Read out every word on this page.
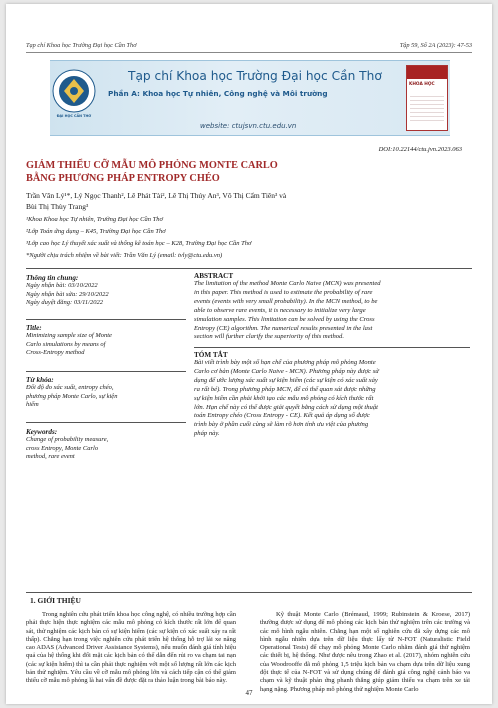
Tạp chí Khoa học Trường Đại học Cần Thơ	Tập 59, Số 2A (2023): 47-53
ĐẠI HỌC CẦN THƠ
Tạp chí Khoa học Trường Đại học Cần Thơ
Phần A: Khoa học Tự nhiên, Công nghệ và Môi trường
website: ctujsvn.ctu.edu.vn
KHOA HỌC
DOI:10.22144/ctu.jvn.2023.063
GIẢM THIỂU CỠ MẪU MÔ PHỎNG MONTE CARLO
BẰNG PHƯƠNG PHÁP ENTROPY CHÉO
Trần Văn Lý¹*, Lý Ngọc Thanh², Lê Phát Tài², Lê Thị Thúy An³, Võ Thị Cẩm Tiên³ và
Bùi Thị Thùy Trang³
¹Khoa Khoa học Tự nhiên, Trường Đại học Cần Thơ
²Lớp Toán ứng dụng – K45, Trường Đại học Cần Thơ
³Lớp cao học Lý thuyết xác suất và thống kê toán học – K28, Trường Đại học Cần Thơ
*Người chịu trách nhiệm về bài viết: Trần Văn Lý (email: tvly@ctu.edu.vn)
Thông tin chung:
Ngày nhận bài: 03/10/2022
Ngày nhận bài sửa: 29/10/2022
Ngày duyệt đăng: 03/11/2022
Title:
Minimizing sample size of Monte
Carlo simulations by means of
Cross-Entropy method
Từ khóa:
Đối độ đo xác suất, entropy chéo,
phương pháp Monte Carlo, sự kiện
hiếm
Keywords:
Change of probability measure,
cross Entropy, Monte Carlo
method, rare event
ABSTRACT
The limitation of the method Monte Carlo Naive (MCN) was presented
in this paper. This method is used to estimate the probability of rare
events (events with very small probability). In the MCN method, to be
able to observe rare events, it is necessary to initialize very large
simulation samples. This limitation can be solved by using the Cross
Entropy (CE) algorithm. The numerical results presented in the last
section will further clarify the superiority of this method.
TÓM TẮT
Bài viết trình bày một số hạn chế của phương pháp mô phỏng Monte
Carlo cơ bản (Monte Carlo Naive - MCN). Phương pháp này được sử
dụng để ước lượng xác suất sự kiện hiếm (các sự kiện có xác suất xảy
ra rất bé). Trong phương pháp MCN, để có thể quan sát được những
sự kiện hiếm cần phải khởi tạo các mẫu mô phỏng có kích thước rất
lớn. Hạn chế này có thể được giải quyết bằng cách sử dụng một thuật
toán Entropy chéo (Cross Entropy - CE). Kết quả áp dụng số được
trình bày ở phần cuối cùng sẽ làm rõ hơn tính ưu việt của phương
pháp này.
1. GIỚI THIỆU
Trong nghiên cứu phát triển khoa học công nghệ, có nhiều trường hợp cần phải thực hiện thực nghiệm các mẫu mô phỏng có kích thước rất lớn để quan sát, thử nghiệm các kịch bản có sự kiện hiếm (các sự kiện có xác suất xảy ra rất thấp). Chẳng hạn trong việc nghiên cứu phát triển hệ thống hỗ trợ lái xe nâng cao ADAS (Advanced Driver Assistance Systems), nếu muốn đánh giá tính hiệu quả của hệ thống khi đối mặt các kịch bản có thể dẫn đến rủi ro va chạm tai nạn (các sự kiện hiếm) thì ta cần phải thực nghiệm với một số lượng rất lớn các kịch bản thử nghiệm. Yêu cầu về cỡ mẫu mô phỏng lớn và cách tiếp cận có thể giảm thiểu cỡ mẫu mô phỏng là hai vấn đề được đặt ra thảo luận trong bài báo này.
Kỹ thuật Monte Carlo (Brémaud, 1999; Rubinstein & Kroese, 2017) thường được sử dụng để mô phỏng các kịch bản thử nghiệm trên các trường và các mô hình ngẫu nhiên. Chẳng hạn một số nghiên cứu đã xây dựng các mô hình ngẫu nhiên dựa trên dữ liệu thực lấy từ N-FOT (Naturalistic Field Operational Tests) để chạy mô phỏng Monte Carlo nhằm đánh giá thử nghiệm các thiết bị, hệ thống. Như được nêu trong Zhao et al. (2017), nhóm nghiên cứu của Woodrooffe đã mô phỏng 1,5 triệu kịch bản va chạm dựa trên dữ liệu xung đột thực tế của N-FOT và sử dụng chúng để đánh giá công nghệ cảnh báo va chạm và kỹ thuật phản ứng phanh thắng giúp giảm thiểu va chạm trên xe tải hạng nặng. Phương pháp mô phỏng thử nghiệm Monte Carlo
47
